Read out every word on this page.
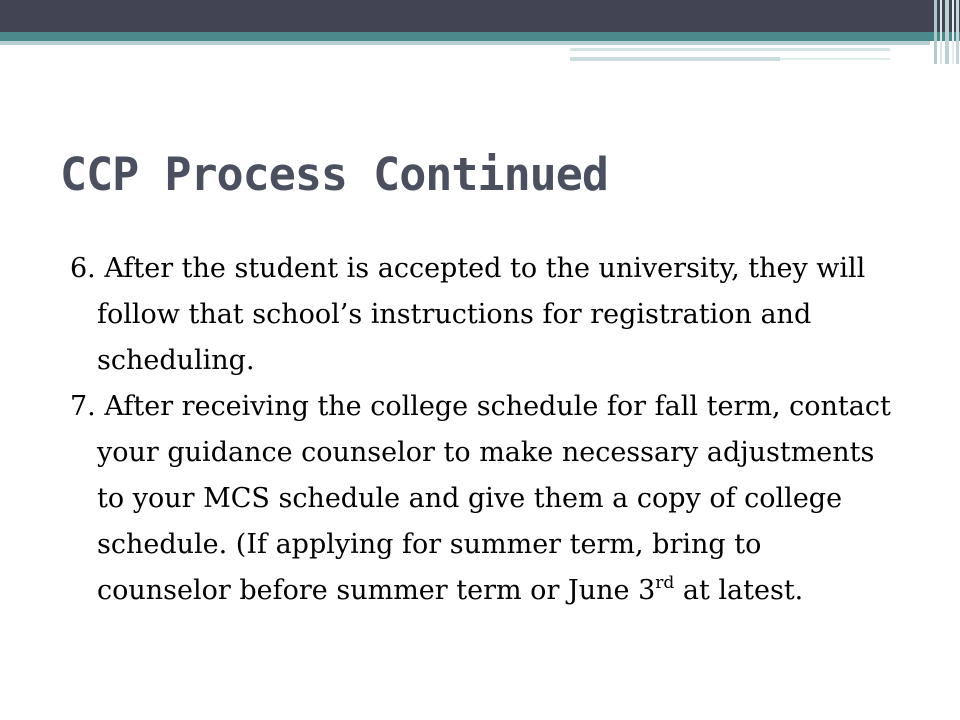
CCP Process Continued
6. After the student is accepted to the university, they will follow that school’s instructions for registration and scheduling.
7. After receiving the college schedule for fall term, contact your guidance counselor to make necessary adjustments to your MCS schedule and give them a copy of college schedule. (If applying for summer term, bring to counselor before summer term or June 3rd at latest.
